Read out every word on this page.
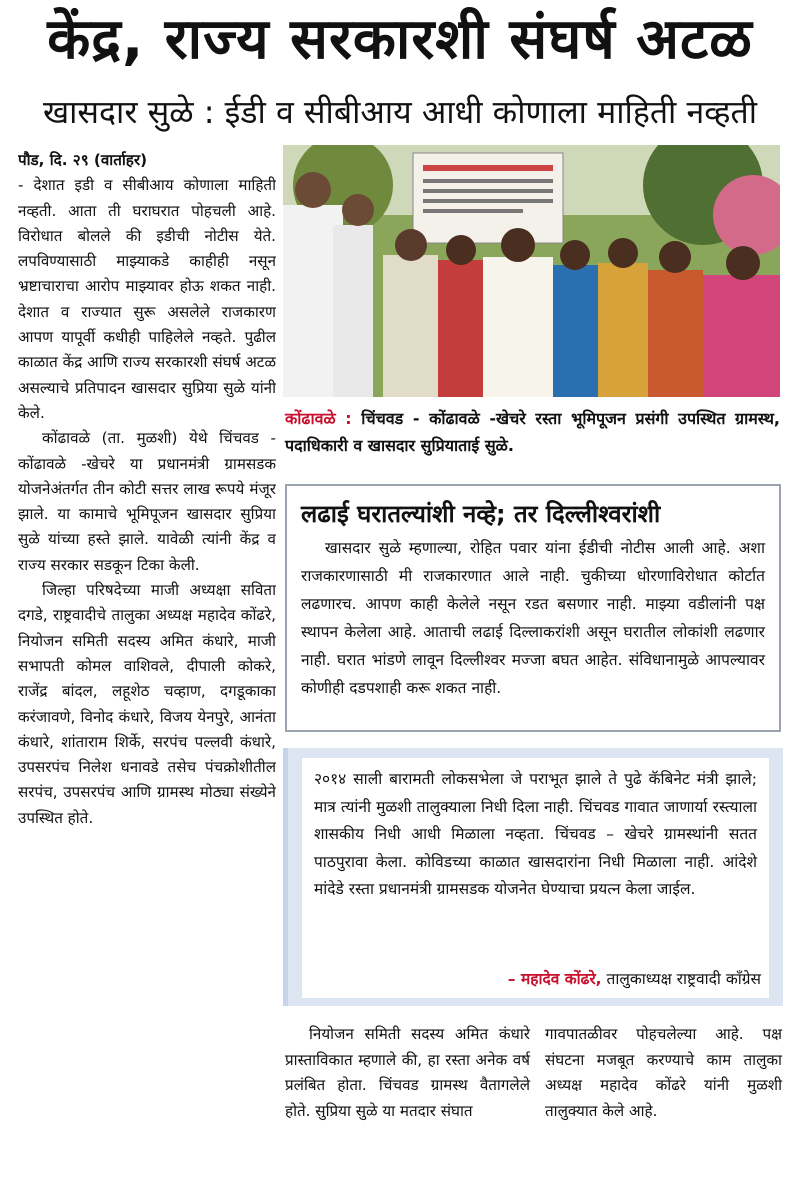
केंद्र, राज्य सरकारशी संघर्ष अटळ
खासदार सुळे : ईडी व सीबीआय आधी कोणाला माहिती नव्हती

पौड, दि. २९ (वार्ताहर)

- देशात इडी व सीबीआय कोणाला माहिती नव्हती. आता ती घराघरात पोहचली आहे. विरोधात बोलले की इडीची नोटीस येते. लपविण्यासाठी माझ्याकडे काहीही नसून भ्रष्टाचाराचा आरोप माझ्यावर होऊ शकत नाही. देशात व राज्यात सुरू असलेले राजकारण आपण यापूर्वी कधीही पाहिलेले नव्हते. पुढील काळात केंद्र आणि राज्य सरकारशी संघर्ष अटळ असल्याचे प्रतिपादन खासदार सुप्रिया सुळे यांनी केले.

कोंढावळे (ता. मुळशी) येथे चिंचवड - कोंढावळे -खेचरे या प्रधानमंत्री ग्रामसडक योजनेअंतर्गत तीन कोटी सत्तर लाख रूपये मंजूर झाले. या कामाचे भूमिपूजन खासदार सुप्रिया सुळे यांच्या हस्ते झाले. यावेळी त्यांनी केंद्र व राज्य सरकार सडकून टिका केली.

जिल्हा परिषदेच्या माजी अध्यक्षा सविता दगडे, राष्ट्रवादीचे तालुका अध्यक्ष महादेव कोंढरे, नियोजन समिती सदस्य अमित कंधारे, माजी सभापती कोमल वाशिवले, दीपाली कोकरे, राजेंद्र बांदल, लहूशेठ चव्हाण, दगडूकाका करंजावणे, विनोद कंधारे, विजय येनपुरे, आनंता कंधारे, शांताराम शिर्के, सरपंच पल्लवी कंधारे, उपसरपंच निलेश धनावडे तसेच पंचक्रोशीतील सरपंच, उपसरपंच आणि ग्रामस्थ मोठ्या संख्येने उपस्थित होते.

कोंढावळे : चिंचवड - कोंढावळे -खेचरे रस्ता भूमिपूजन प्रसंगी उपस्थित ग्रामस्थ, पदाधिकारी व खासदार सुप्रियाताई सुळे.
लढाई घरातल्यांशी नव्हे; तर दिल्लीश्वरांशी

खासदार सुळे म्हणाल्या, रोहित पवार यांना ईडीची नोटीस आली आहे. अशा राजकारणासाठी मी राजकारणात आले नाही. चुकीच्या धोरणाविरोधात कोर्टात लढणारच. आपण काही केलेले नसून रडत बसणार नाही. माझ्या वडीलांनी पक्ष स्थापन केलेला आहे. आताची लढाई दिल्लाकरांशी असून घरातील लोकांशी लढणार नाही. घरात भांडणे लावून दिल्लीश्वर मज्जा बघत आहेत. संविधानामुळे आपल्यावर कोणीही दडपशाही करू शकत नाही.

२०१४ साली बारामती लोकसभेला जे पराभूत झाले ते पुढे कॅबिनेट मंत्री झाले; मात्र त्यांनी मुळशी तालुक्याला निधी दिला नाही. चिंचवड गावात जाणार्या रस्त्याला शासकीय निधी आधी मिळाला नव्हता. चिंचवड – खेचरे ग्रामस्थांनी सतत पाठपुरावा केला. कोविडच्या काळात खासदारांना निधी मिळाला नाही. आंदेशे मांदेडे रस्ता प्रधानमंत्री ग्रामसडक योजनेत घेण्याचा प्रयत्न केला जाईल.

– महादेव कोंढरे, तालुकाध्यक्ष राष्ट्रवादी काँग्रेस

नियोजन समिती सदस्य अमित कंधारे प्रास्ताविकात म्हणाले की, हा रस्ता अनेक वर्ष प्रलंबित होता. चिंचवड ग्रामस्थ वैतागलेले होते. सुप्रिया सुळे या मतदार संघात

गावपातळीवर पोहचलेल्या आहे. पक्ष संघटना मजबूत करण्याचे काम तालुका अध्यक्ष महादेव कोंढरे यांनी मुळशी तालुक्यात केले आहे.
